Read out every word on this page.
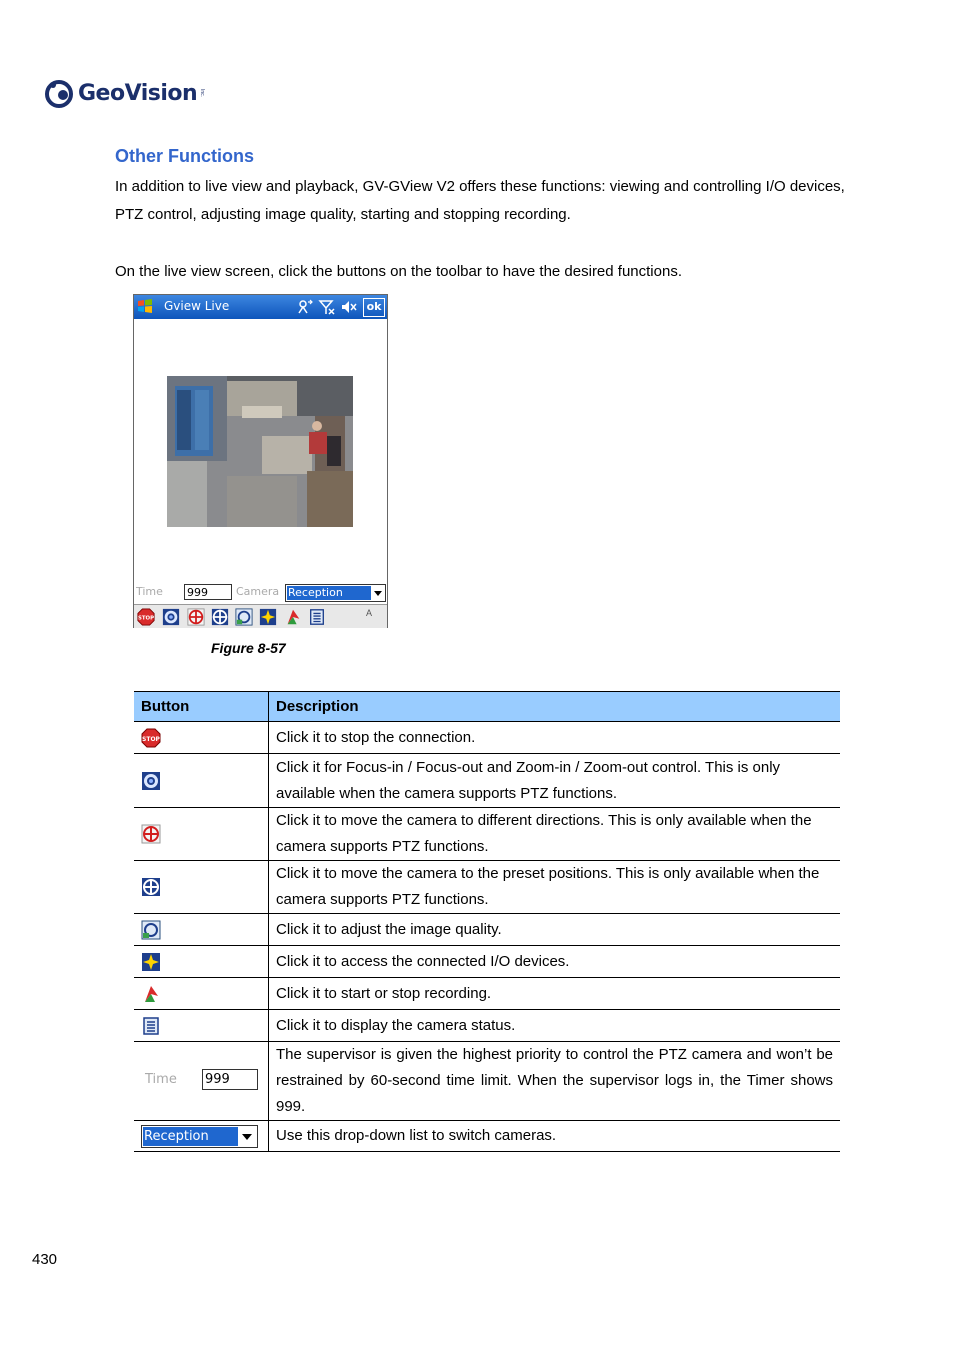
GeoVision Inc.
Other Functions
In addition to live view and playback, GV-GView V2 offers these functions: viewing and controlling I/O devices, PTZ control, adjusting image quality, starting and stopping recording.
On the live view screen, click the buttons on the toolbar to have the desired functions.
Gview Live	ok
Time 999	Camera Reception
STOP
A
Figure 8-57
Button	Description

STOP	Click it to stop the connection.

	Click it for Focus-in / Focus-out and Zoom-in / Zoom-out control. This is only available when the camera supports PTZ functions.

	Click it to move the camera to different directions. This is only available when the camera supports PTZ functions.

	Click it to move the camera to the preset positions. This is only available when the camera supports PTZ functions.

	Click it to adjust the image quality.

	Click it to access the connected I/O devices.

	Click it to start or stop recording.

	Click it to display the camera status.

Time 999	The supervisor is given the highest priority to control the PTZ camera and won’t be restrained by 60-second time limit. When the supervisor logs in, the Timer shows 999.

Reception	Use this drop-down list to switch cameras.
430
